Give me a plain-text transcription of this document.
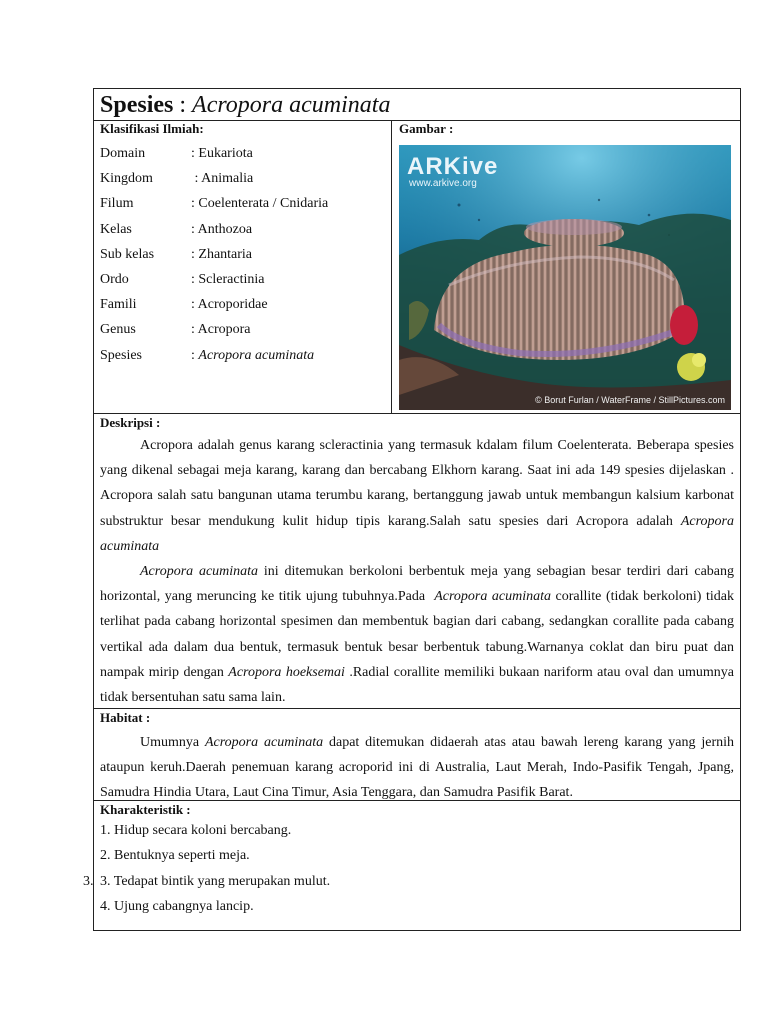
Spesies : Acropora acuminata
Klasifikasi Ilmiah:
Domain	: Eukariota
Kingdom	: Animalia
Filum	: Coelenterata / Cnidaria
Kelas	: Anthozoa
Sub kelas	: Zhantaria
Ordo	: Scleractinia
Famili	: Acroporidae
Genus	: Acropora
Spesies	: Acropora acuminata
Gambar :
ARKive
www.arkive.org
© Borut Furlan / WaterFrame / StillPictures.com
Deskripsi :

Acropora adalah genus karang scleractinia yang termasuk kdalam filum Coelenterata. Beberapa spesies yang dikenal sebagai meja karang, karang dan bercabang Elkhorn karang. Saat ini ada 149 spesies dijelaskan . Acropora salah satu bangunan utama terumbu karang, bertanggung jawab untuk membangun kalsium karbonat substruktur besar mendukung kulit hidup tipis karang.Salah satu spesies dari Acropora adalah Acropora acuminata

Acropora acuminata ini ditemukan berkoloni berbentuk meja yang sebagian besar terdiri dari cabang horizontal, yang meruncing ke titik ujung tubuhnya.Pada  Acropora acuminata corallite (tidak berkoloni) tidak terlihat pada cabang horizontal spesimen dan membentuk bagian dari cabang, sedangkan corallite pada cabang vertikal ada dalam dua bentuk, termasuk bentuk besar berbentuk tabung.Warnanya coklat dan biru puat dan nampak mirip dengan Acropora hoeksemai .Radial corallite memiliki bukaan nariform atau oval dan umumnya tidak bersentuhan satu sama lain.

Habitat :

Umumnya Acropora acuminata dapat ditemukan didaerah atas atau bawah lereng karang yang jernih ataupun keruh.Daerah penemuan karang acroporid ini di Australia, Laut Merah, Indo-Pasifik Tengah, Jpang, Samudra Hindia Utara, Laut Cina Timur, Asia Tenggara, dan Samudra Pasifik Barat.

Kharakteristik :
1. Hidup secara koloni bercabang.
2. Bentuknya seperti meja.
3. 3. Tedapat bintik yang merupakan mulut.
4. Ujung cabangnya lancip.
